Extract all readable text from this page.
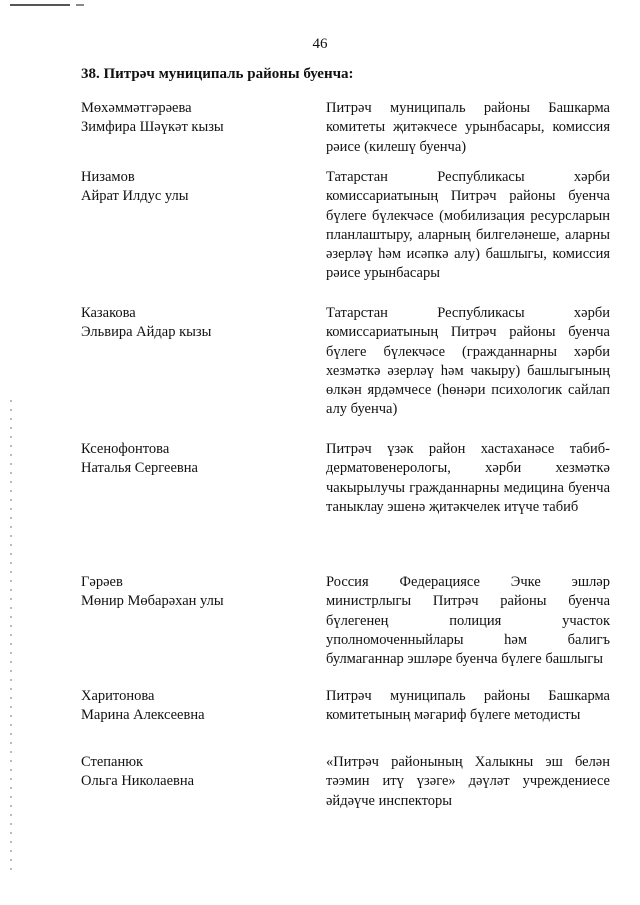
46
38. Питрәч муниципаль районы буенча:
Мөхәммәтгәрәева
Зимфира Шәүкәт кызы
Питрәч муниципаль районы Башкарма комитеты җитәкчесе урынбасары, комиссия рәисе (килешү буенча)
Низамов
Айрат Илдус улы
Татарстан Республикасы хәрби комиссариатының Питрәч районы буенча бүлеге бүлекчәсе (мобилизация ресурсларын планлаштыру, аларның билгеләнеше, аларны әзерләү һәм исәпкә алу) башлыгы, комиссия рәисе урынбасары
Казакова
Эльвира Айдар кызы
Татарстан Республикасы хәрби комиссариатының Питрәч районы буенча бүлеге бүлекчәсе (гражданнарны хәрби хезмәткә әзерләү һәм чакыру) башлыгының өлкән ярдәмчесе (һөнәри психологик сайлап алу буенча)
Ксенофонтова
Наталья Сергеевна
Питрәч үзәк район хастаханәсе табиб-дерматовенерологы, хәрби хезмәткә чакырылучы гражданнарны медицина буенча таныклау эшенә җитәкчелек итүче табиб
Гәрәев
Мөнир Мөбарәхан улы
Россия Федерациясе Эчке эшләр министрлыгы Питрәч районы буенча бүлегенең полиция участок уполномоченныйлары һәм балигъ булмаганнар эшләре буенча бүлеге башлыгы
Харитонова
Марина Алексеевна
Питрәч муниципаль районы Башкарма комитетының мәгариф бүлеге методисты
Степанюк
Ольга Николаевна
«Питрәч районының Халыкны эш белән тәэмин итү үзәге» дәүләт учреждениесе әйдәүче инспекторы
